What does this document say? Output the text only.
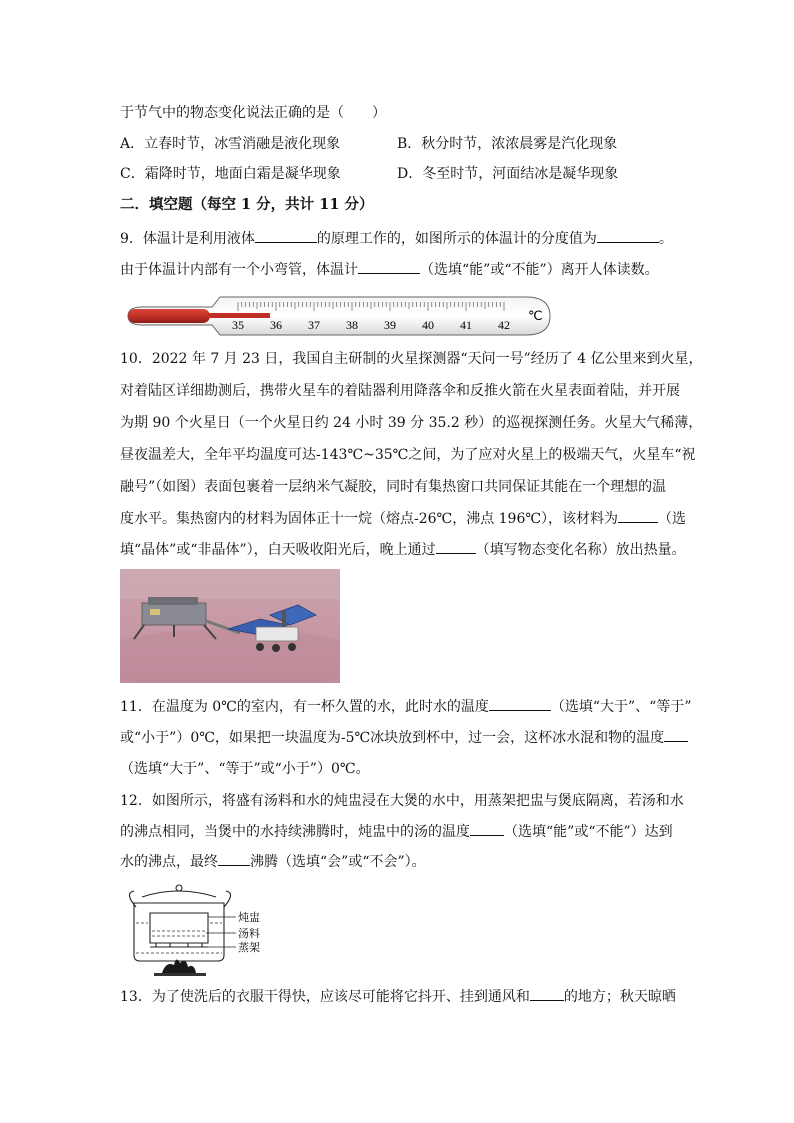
于节气中的物态变化说法正确的是（　　）
A．立春时节，冰雪消融是液化现象	B．秋分时节，浓浓晨雾是汽化现象
C．霜降时节，地面白霜是凝华现象	D．冬至时节，河面结冰是凝华现象
二．填空题（每空 1 分，共计 11 分）
9．体温计是利用液体	的原理工作的，如图所示的体温计的分度值为	。
由于体温计内部有一个小弯管，体温计	（选填“能”或“不能”）离开人体读数。
35 36 37 38 39 40 41 42
℃
10．2022 年 7 月 23 日，我国自主研制的火星探测器“天问一号”经历了 4 亿公里来到火星，
对着陆区详细勘测后，携带火星车的着陆器利用降落伞和反推火箭在火星表面着陆，并开展
为期 90 个火星日（一个火星日约 24 小时 39 分 35.2 秒）的巡视探测任务。火星大气稀薄，
昼夜温差大，全年平均温度可达-143℃~35℃之间，为了应对火星上的极端天气，火星车“祝
融号”（如图）表面包裹着一层纳米气凝胶，同时有集热窗口共同保证其能在一个理想的温
度水平。集热窗内的材料为固体正十一烷（熔点-26℃，沸点 196℃），该材料为	（选
填“晶体”或“非晶体”），白天吸收阳光后，晚上通过	（填写物态变化名称）放出热量。
11．在温度为 0℃的室内，有一杯久置的水，此时水的温度	（选填“大于”、“等于”
或“小于”）0℃，如果把一块温度为-5℃冰块放到杯中，过一会，这杯冰水混和物的温度
（选填“大于”、“等于”或“小于”）0℃。
12．如图所示，将盛有汤料和水的炖盅浸在大煲的水中，用蒸架把盅与煲底隔离，若汤和水
的沸点相同，当煲中的水持续沸腾时，炖盅中的汤的温度 （选填“能”或“不能”）达到
水的沸点，最终 沸腾（选填“会”或“不会”）。
炖盅
汤料
蒸架
13．为了使洗后的衣服干得快，应该尽可能将它抖开、挂到通风和 的地方；秋天晾晒
